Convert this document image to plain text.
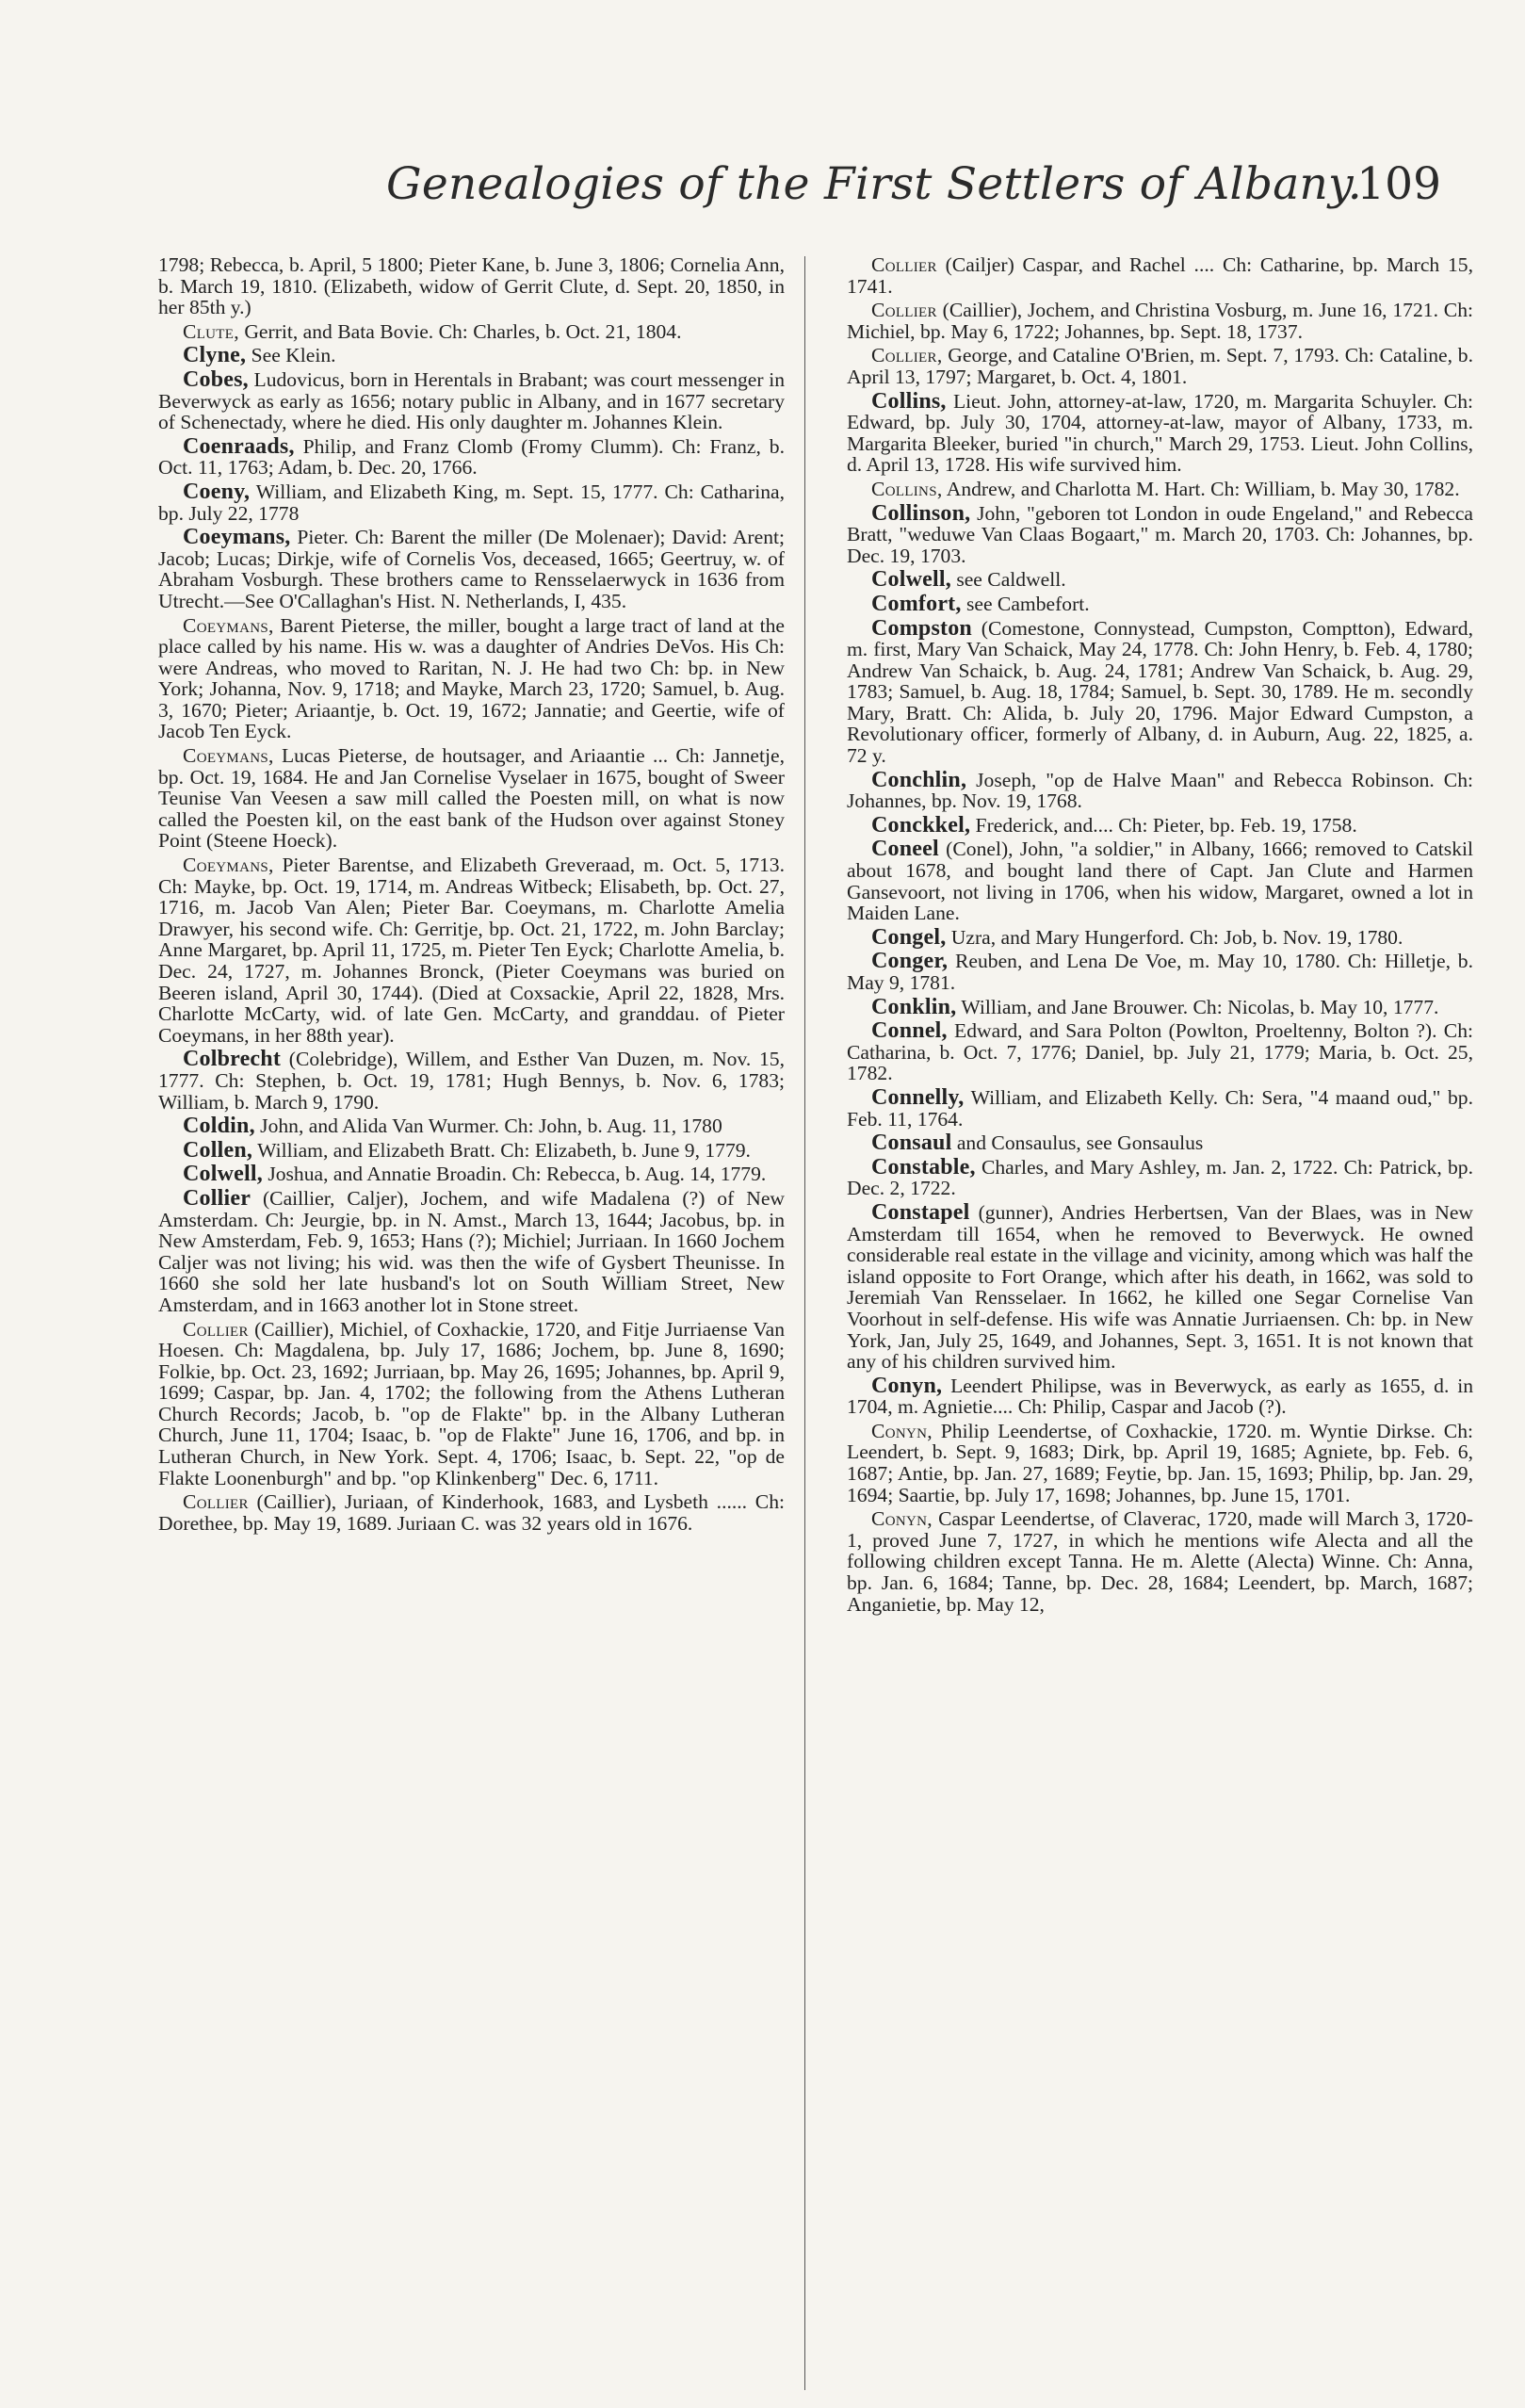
Genealogies of the First Settlers of Albany.
109

1798; Rebecca, b. April, 5 1800; Pieter Kane, b. June 3, 1806; Cornelia Ann, b. March 19, 1810. (Elizabeth, widow of Gerrit Clute, d. Sept. 20, 1850, in her 85th y.)

Clute, Gerrit, and Bata Bovie. Ch: Charles, b. Oct. 21, 1804.

Clyne, See Klein.

Cobes, Ludovicus, born in Herentals in Brabant; was court messenger in Beverwyck as early as 1656; notary public in Albany, and in 1677 secretary of Schenectady, where he died. His only daughter m. Johannes Klein.

Coenraads, Philip, and Franz Clomb (Fromy Clumm). Ch: Franz, b. Oct. 11, 1763; Adam, b. Dec. 20, 1766.

Coeny, William, and Elizabeth King, m. Sept. 15, 1777. Ch: Catharina, bp. July 22, 1778

Coeymans, Pieter. Ch: Barent the miller (De Molenaer); David: Arent; Jacob; Lucas; Dirkje, wife of Cornelis Vos, deceased, 1665; Geertruy, w. of Abraham Vosburgh. These brothers came to Rensselaerwyck in 1636 from Utrecht.—See O'Callaghan's Hist. N. Netherlands, I, 435.

Coeymans, Barent Pieterse, the miller, bought a large tract of land at the place called by his name. His w. was a daughter of Andries DeVos. His Ch: were Andreas, who moved to Raritan, N. J. He had two Ch: bp. in New York; Johanna, Nov. 9, 1718; and Mayke, March 23, 1720; Samuel, b. Aug. 3, 1670; Pieter; Ariaantje, b. Oct. 19, 1672; Jannatie; and Geertie, wife of Jacob Ten Eyck.

Coeymans, Lucas Pieterse, de houtsager, and Ariaantie ... Ch: Jannetje, bp. Oct. 19, 1684. He and Jan Cornelise Vyselaer in 1675, bought of Sweer Teunise Van Veesen a saw mill called the Poesten mill, on what is now called the Poesten kil, on the east bank of the Hudson over against Stoney Point (Steene Hoeck).

Coeymans, Pieter Barentse, and Elizabeth Greveraad, m. Oct. 5, 1713. Ch: Mayke, bp. Oct. 19, 1714, m. Andreas Witbeck; Elisabeth, bp. Oct. 27, 1716, m. Jacob Van Alen; Pieter Bar. Coeymans, m. Charlotte Amelia Drawyer, his second wife. Ch: Gerritje, bp. Oct. 21, 1722, m. John Barclay; Anne Margaret, bp. April 11, 1725, m. Pieter Ten Eyck; Charlotte Amelia, b. Dec. 24, 1727, m. Johannes Bronck, (Pieter Coeymans was buried on Beeren island, April 30, 1744). (Died at Coxsackie, April 22, 1828, Mrs. Charlotte McCarty, wid. of late Gen. McCarty, and granddau. of Pieter Coeymans, in her 88th year).

Colbrecht (Colebridge), Willem, and Esther Van Duzen, m. Nov. 15, 1777. Ch: Stephen, b. Oct. 19, 1781; Hugh Bennys, b. Nov. 6, 1783; William, b. March 9, 1790.

Coldin, John, and Alida Van Wurmer. Ch: John, b. Aug. 11, 1780

Collen, William, and Elizabeth Bratt. Ch: Elizabeth, b. June 9, 1779.

Colwell, Joshua, and Annatie Broadin. Ch: Rebecca, b. Aug. 14, 1779.

Collier (Caillier, Caljer), Jochem, and wife Madalena (?) of New Amsterdam. Ch: Jeurgie, bp. in N. Amst., March 13, 1644; Jacobus, bp. in New Amsterdam, Feb. 9, 1653; Hans (?); Michiel; Jurriaan. In 1660 Jochem Caljer was not living; his wid. was then the wife of Gysbert Theunisse. In 1660 she sold her late husband's lot on South William Street, New Amsterdam, and in 1663 another lot in Stone street.

Collier (Caillier), Michiel, of Coxhackie, 1720, and Fitje Jurriaense Van Hoesen. Ch: Magdalena, bp. July 17, 1686; Jochem, bp. June 8, 1690; Folkie, bp. Oct. 23, 1692; Jurriaan, bp. May 26, 1695; Johannes, bp. April 9, 1699; Caspar, bp. Jan. 4, 1702; the following from the Athens Lutheran Church Records; Jacob, b. "op de Flakte" bp. in the Albany Lutheran Church, June 11, 1704; Isaac, b. "op de Flakte" June 16, 1706, and bp. in Lutheran Church, in New York. Sept. 4, 1706; Isaac, b. Sept. 22, "op de Flakte Loonenburgh" and bp. "op Klinkenberg" Dec. 6, 1711.

Collier (Caillier), Juriaan, of Kinderhook, 1683, and Lysbeth ...... Ch: Dorethee, bp. May 19, 1689. Juriaan C. was 32 years old in 1676.

Collier (Cailjer) Caspar, and Rachel .... Ch: Catharine, bp. March 15, 1741.

Collier (Caillier), Jochem, and Christina Vosburg, m. June 16, 1721. Ch: Michiel, bp. May 6, 1722; Johannes, bp. Sept. 18, 1737.

Collier, George, and Cataline O'Brien, m. Sept. 7, 1793. Ch: Cataline, b. April 13, 1797; Margaret, b. Oct. 4, 1801.

Collins, Lieut. John, attorney-at-law, 1720, m. Margarita Schuyler. Ch: Edward, bp. July 30, 1704, attorney-at-law, mayor of Albany, 1733, m. Margarita Bleeker, buried "in church," March 29, 1753. Lieut. John Collins, d. April 13, 1728. His wife survived him.

Collins, Andrew, and Charlotta M. Hart. Ch: William, b. May 30, 1782.

Collinson, John, "geboren tot London in oude Engeland," and Rebecca Bratt, "weduwe Van Claas Bogaart," m. March 20, 1703. Ch: Johannes, bp. Dec. 19, 1703.

Colwell, see Caldwell.

Comfort, see Cambefort.

Compston (Comestone, Connystead, Cumpston, Comptton), Edward, m. first, Mary Van Schaick, May 24, 1778. Ch: John Henry, b. Feb. 4, 1780; Andrew Van Schaick, b. Aug. 24, 1781; Andrew Van Schaick, b. Aug. 29, 1783; Samuel, b. Aug. 18, 1784; Samuel, b. Sept. 30, 1789. He m. secondly Mary, Bratt. Ch: Alida, b. July 20, 1796. Major Edward Cumpston, a Revolutionary officer, formerly of Albany, d. in Auburn, Aug. 22, 1825, a. 72 y.

Conchlin, Joseph, "op de Halve Maan" and Rebecca Robinson. Ch: Johannes, bp. Nov. 19, 1768.

Conckkel, Frederick, and.... Ch: Pieter, bp. Feb. 19, 1758.

Coneel (Conel), John, "a soldier," in Albany, 1666; removed to Catskil about 1678, and bought land there of Capt. Jan Clute and Harmen Gansevoort, not living in 1706, when his widow, Margaret, owned a lot in Maiden Lane.

Congel, Uzra, and Mary Hungerford. Ch: Job, b. Nov. 19, 1780.

Conger, Reuben, and Lena De Voe, m. May 10, 1780. Ch: Hilletje, b. May 9, 1781.

Conklin, William, and Jane Brouwer. Ch: Nicolas, b. May 10, 1777.

Connel, Edward, and Sara Polton (Powlton, Proeltenny, Bolton ?). Ch: Catharina, b. Oct. 7, 1776; Daniel, bp. July 21, 1779; Maria, b. Oct. 25, 1782.

Connelly, William, and Elizabeth Kelly. Ch: Sera, "4 maand oud," bp. Feb. 11, 1764.

Consaul and Consaulus, see Gonsaulus

Constable, Charles, and Mary Ashley, m. Jan. 2, 1722. Ch: Patrick, bp. Dec. 2, 1722.

Constapel (gunner), Andries Herbertsen, Van der Blaes, was in New Amsterdam till 1654, when he removed to Beverwyck. He owned considerable real estate in the village and vicinity, among which was half the island opposite to Fort Orange, which after his death, in 1662, was sold to Jeremiah Van Rensselaer. In 1662, he killed one Segar Cornelise Van Voorhout in self-defense. His wife was Annatie Jurriaensen. Ch: bp. in New York, Jan, July 25, 1649, and Johannes, Sept. 3, 1651. It is not known that any of his children survived him.

Conyn, Leendert Philipse, was in Beverwyck, as early as 1655, d. in 1704, m. Agnietie.... Ch: Philip, Caspar and Jacob (?).

Conyn, Philip Leendertse, of Coxhackie, 1720. m. Wyntie Dirkse. Ch: Leendert, b. Sept. 9, 1683; Dirk, bp. April 19, 1685; Agniete, bp. Feb. 6, 1687; Antie, bp. Jan. 27, 1689; Feytie, bp. Jan. 15, 1693; Philip, bp. Jan. 29, 1694; Saartie, bp. July 17, 1698; Johannes, bp. June 15, 1701.

Conyn, Caspar Leendertse, of Claverac, 1720, made will March 3, 1720-1, proved June 7, 1727, in which he mentions wife Alecta and all the following children except Tanna. He m. Alette (Alecta) Winne. Ch: Anna, bp. Jan. 6, 1684; Tanne, bp. Dec. 28, 1684; Leendert, bp. March, 1687; Anganietie, bp. May 12,
